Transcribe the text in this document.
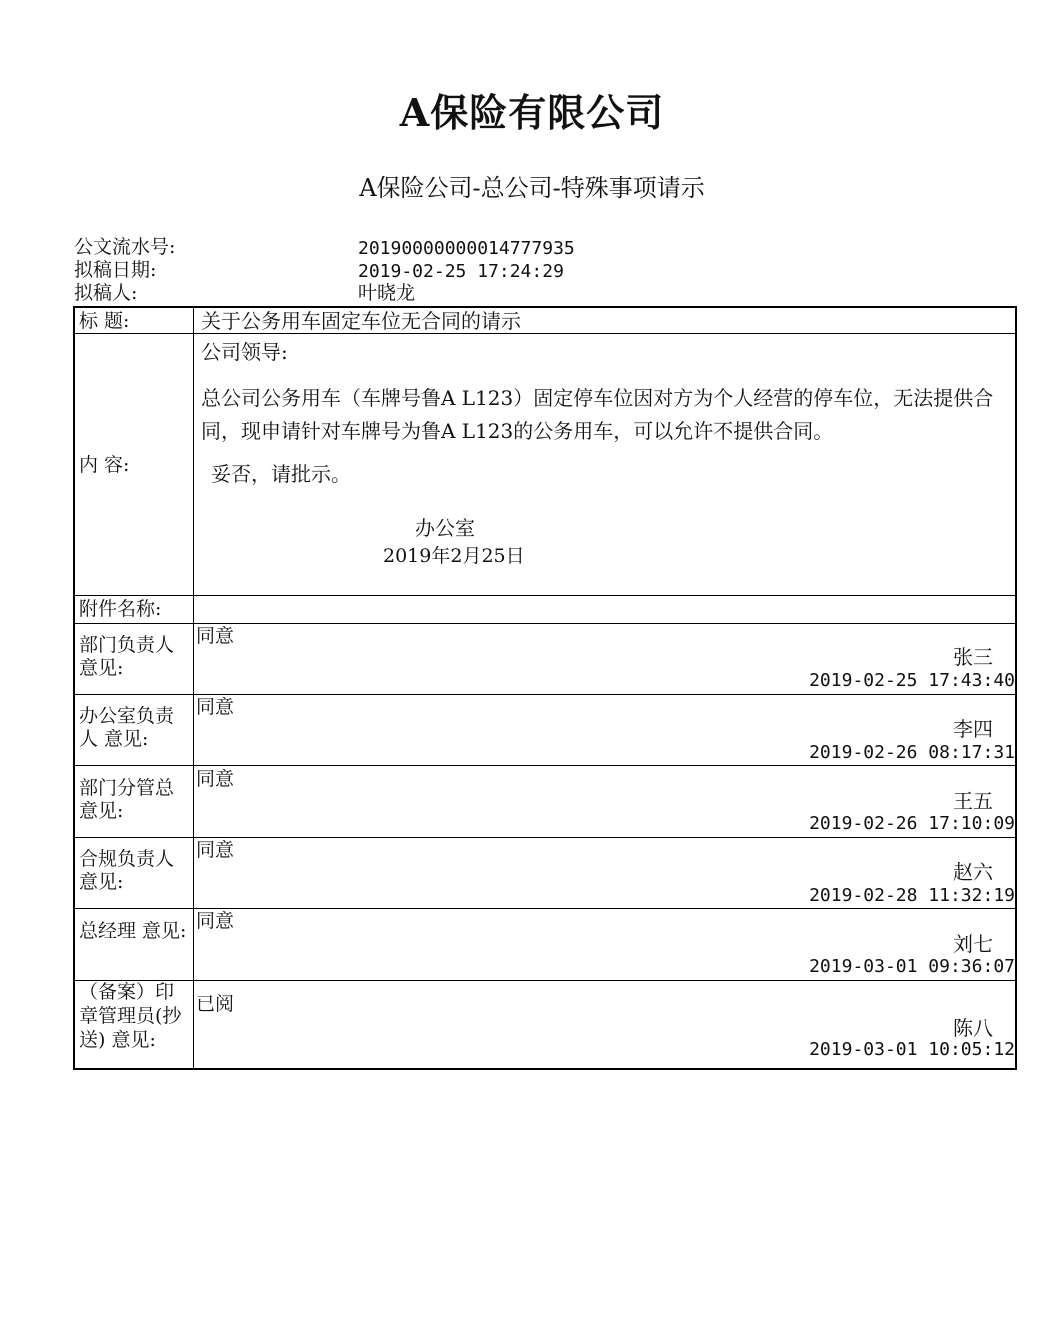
A保险有限公司
A保险公司-总公司-特殊事项请示
公文流水号:	20190000000014777935
拟稿日期:	2019-02-25 17:24:29
拟稿人:	叶晓龙
标 题:	关于公务用车固定车位无合同的请示
内 容:
公司领导:
总公司公务用车（车牌号鲁A L123）固定停车位因对方为个人经营的停车位，无法提供合同，现申请针对车牌号为鲁A L123的公务用车，可以允许不提供合同。
妥否，请批示。
办公室
2019年2月25日
附件名称:
部门负责人 意见:
同意
张三
2019-02-25 17:43:40
办公室负责人 意见:
同意
李四
2019-02-26 08:17:31
部门分管总 意见:
同意
王五
2019-02-26 17:10:09
合规负责人 意见:
同意
赵六
2019-02-28 11:32:19
总经理 意见: 同意
刘七
2019-03-01 09:36:07
（备案）印章管理员(抄送) 意见:
已阅
陈八
2019-03-01 10:05:12
